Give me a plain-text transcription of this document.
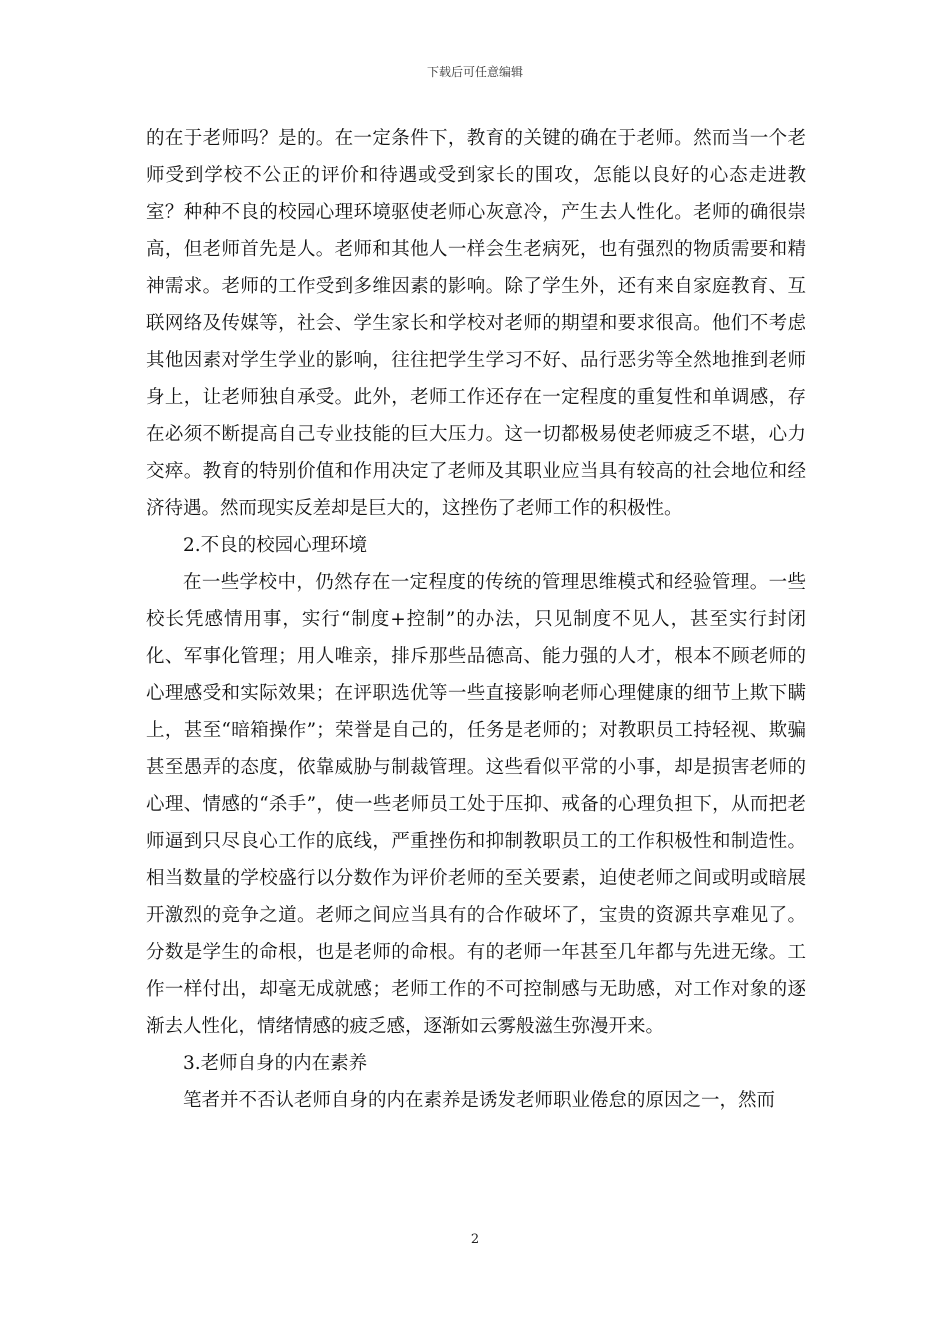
下载后可任意编辑

的在于老师吗？是的。在一定条件下，教育的关键的确在于老师。然而当一个老师受到学校不公正的评价和待遇或受到家长的围攻，怎能以良好的心态走进教室？种种不良的校园心理环境驱使老师心灰意冷，产生去人性化。老师的确很崇高，但老师首先是人。老师和其他人一样会生老病死，也有强烈的物质需要和精神需求。老师的工作受到多维因素的影响。除了学生外，还有来自家庭教育、互联网络及传媒等，社会、学生家长和学校对老师的期望和要求很高。他们不考虑其他因素对学生学业的影响，往往把学生学习不好、品行恶劣等全然地推到老师身上，让老师独自承受。此外，老师工作还存在一定程度的重复性和单调感，存在必须不断提高自己专业技能的巨大压力。这一切都极易使老师疲乏不堪，心力交瘁。教育的特别价值和作用决定了老师及其职业应当具有较高的社会地位和经济待遇。然而现实反差却是巨大的，这挫伤了老师工作的积极性。

2.不良的校园心理环境

在一些学校中，仍然存在一定程度的传统的管理思维模式和经验管理。一些校长凭感情用事，实行“制度+控制”的办法，只见制度不见人，甚至实行封闭化、军事化管理；用人唯亲，排斥那些品德高、能力强的人才，根本不顾老师的心理感受和实际效果；在评职选优等一些直接影响老师心理健康的细节上欺下瞒上，甚至“暗箱操作”；荣誉是自己的，任务是老师的；对教职员工持轻视、欺骗甚至愚弄的态度，依靠威胁与制裁管理。这些看似平常的小事，却是损害老师的心理、情感的“杀手”，使一些老师员工处于压抑、戒备的心理负担下，从而把老师逼到只尽良心工作的底线，严重挫伤和抑制教职员工的工作积极性和制造性。相当数量的学校盛行以分数作为评价老师的至关要素，迫使老师之间或明或暗展开激烈的竞争之道。老师之间应当具有的合作破坏了，宝贵的资源共享难见了。分数是学生的命根，也是老师的命根。有的老师一年甚至几年都与先进无缘。工作一样付出，却毫无成就感；老师工作的不可控制感与无助感，对工作对象的逐渐去人性化，情绪情感的疲乏感，逐渐如云雾般滋生弥漫开来。

3.老师自身的内在素养

笔者并不否认老师自身的内在素养是诱发老师职业倦怠的原因之一，然而

2
